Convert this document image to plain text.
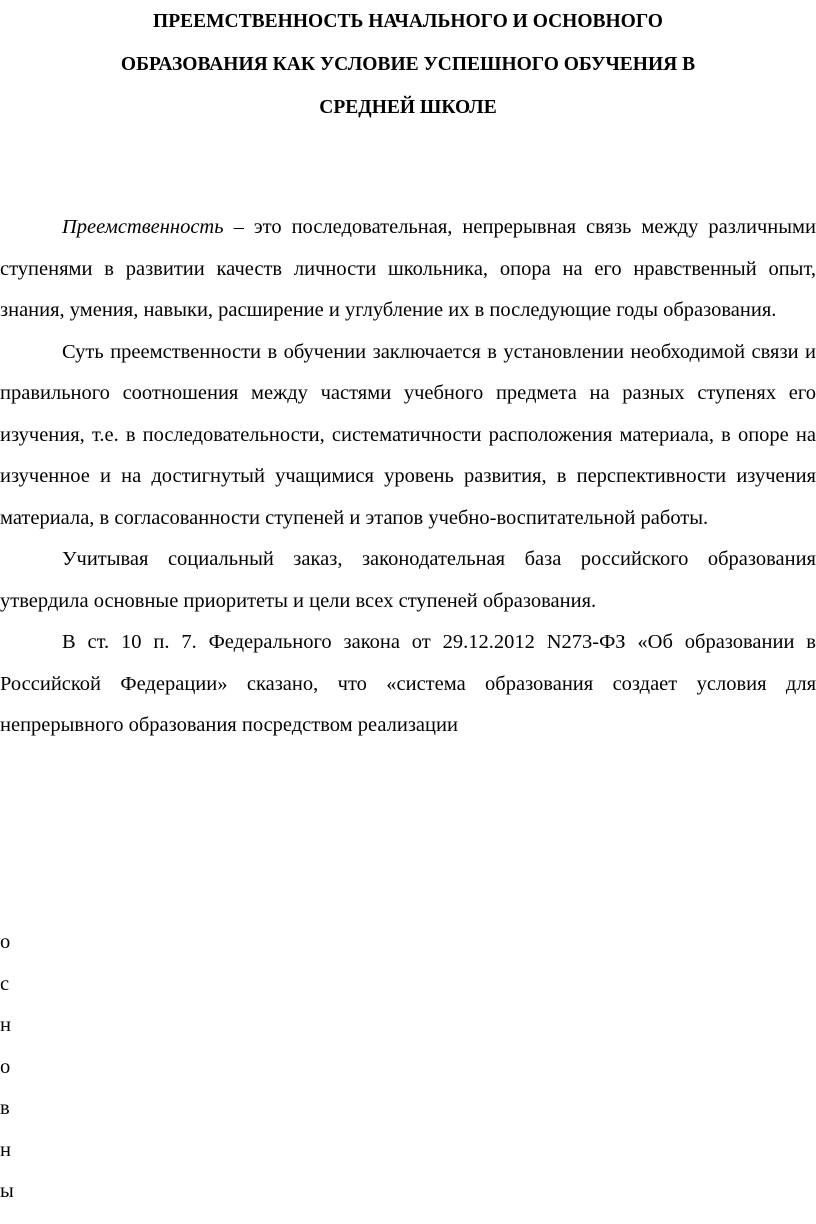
ПРЕЕМСТВЕННОСТЬ НАЧАЛЬНОГО И ОСНОВНОГО
ОБРАЗОВАНИЯ КАК УСЛОВИЕ УСПЕШНОГО ОБУЧЕНИЯ В
СРЕДНЕЙ ШКОЛЕ

Преемственность – это последовательная, непрерывная связь между различными ступенями в развитии качеств личности школьника, опора на его нравственный опыт, знания, умения, навыки, расширение и углубление их в последующие годы образования.

Суть преемственности в обучении заключается в установлении необходимой связи и правильного соотношения между частями учебного предмета на разных ступенях его изучения, т.е. в последовательности, систематичности расположения материала, в опоре на изученное и на достигнутый учащимися уровень развития, в перспективности изучения материала, в согласованности ступеней и этапов учебно-воспитательной работы.

Учитывая социальный заказ, законодательная база российского образования утвердила основные приоритеты и цели всех ступеней образования.

В ст. 10 п. 7. Федерального закона от 29.12.2012 N273-ФЗ «Об образовании в Российской Федерации» сказано, что «система образования создает условия для непрерывного образования посредством реализации

о
с
н
о
в
н
ы
